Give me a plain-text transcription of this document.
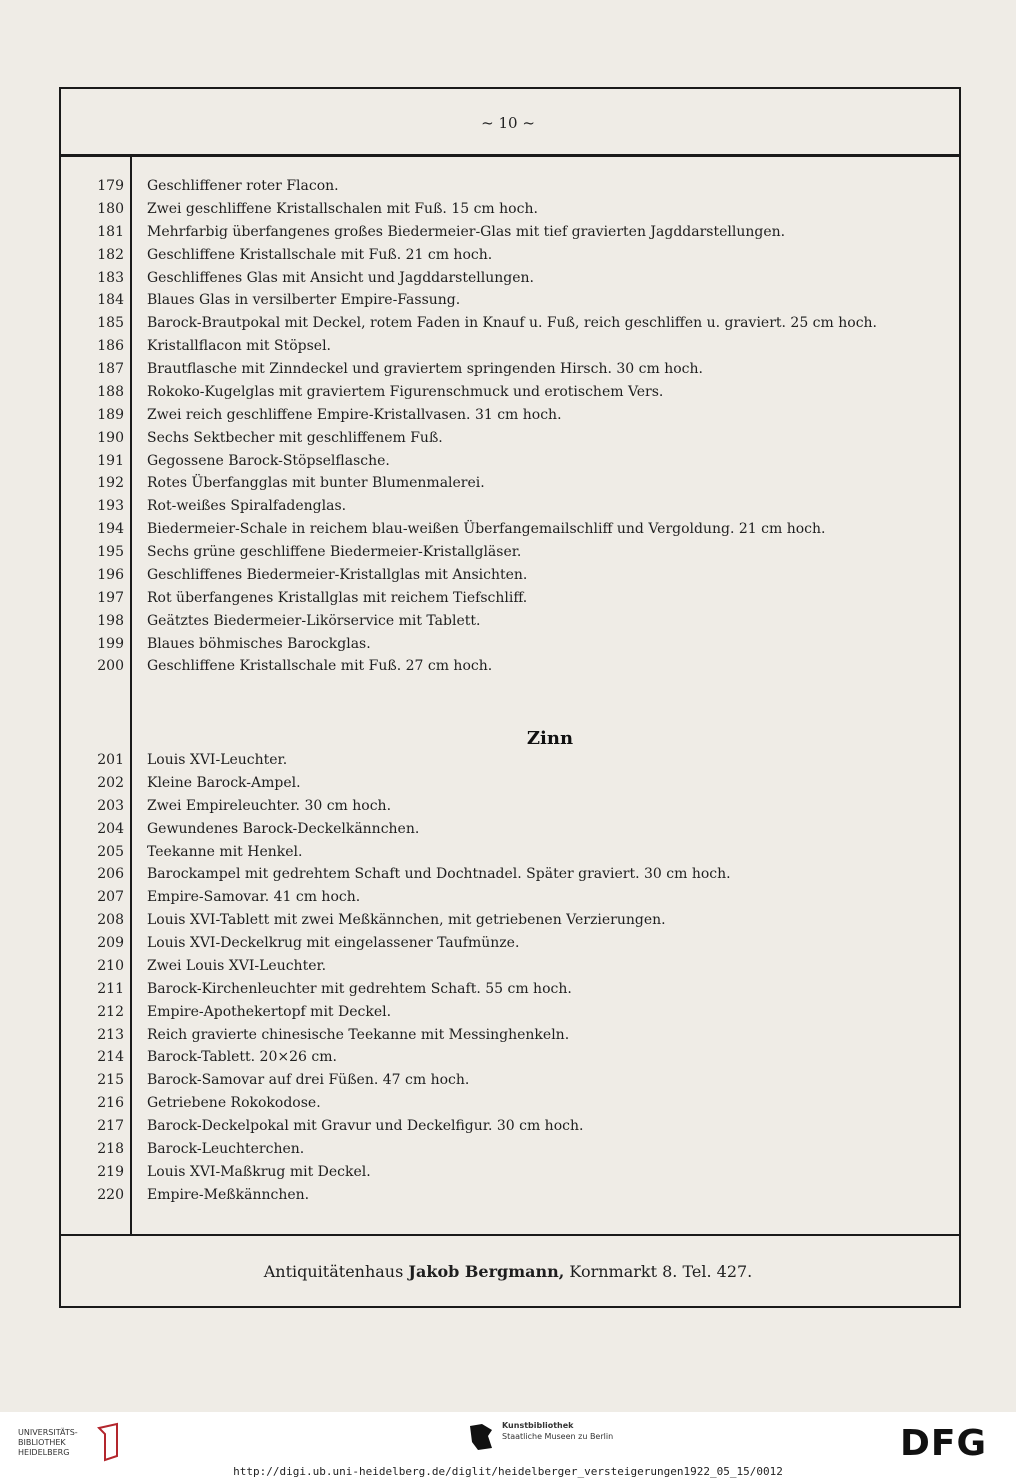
~ 10 ~
179 Geschliffener roter Flacon.
180 Zwei geschliffene Kristallschalen mit Fuß. 15 cm hoch.
181 Mehrfarbig überfangenes großes Biedermeier-Glas mit tief gravierten Jagddarstellungen.
182 Geschliffene Kristallschale mit Fuß. 21 cm hoch.
183 Geschliffenes Glas mit Ansicht und Jagddarstellungen.
184 Blaues Glas in versilberter Empire-Fassung.
185 Barock-Brautpokal mit Deckel, rotem Faden in Knauf u. Fuß, reich geschliffen u. graviert. 25 cm hoch.
186 Kristallflacon mit Stöpsel.
187 Brautflasche mit Zinndeckel und graviertem springenden Hirsch. 30 cm hoch.
188 Rokoko-Kugelglas mit graviertem Figurenschmuck und erotischem Vers.
189 Zwei reich geschliffene Empire-Kristallvasen. 31 cm hoch.
190 Sechs Sektbecher mit geschliffenem Fuß.
191 Gegossene Barock-Stöpselflasche.
192 Rotes Überfangglas mit bunter Blumenmalerei.
193 Rot-weißes Spiralfadenglas.
194 Biedermeier-Schale in reichem blau-weißen Überfangemailschliff und Vergoldung. 21 cm hoch.
195 Sechs grüne geschliffene Biedermeier-Kristallgläser.
196 Geschliffenes Biedermeier-Kristallglas mit Ansichten.
197 Rot überfangenes Kristallglas mit reichem Tiefschliff.
198 Geätztes Biedermeier-Likörservice mit Tablett.
199 Blaues böhmisches Barockglas.
200 Geschliffene Kristallschale mit Fuß. 27 cm hoch.
201 Louis XVI-Leuchter.
202 Kleine Barock-Ampel.
203 Zwei Empireleuchter. 30 cm hoch.
204 Gewundenes Barock-Deckelkännchen.
205 Teekanne mit Henkel.
206 Barockampel mit gedrehtem Schaft und Dochtnadel. Später graviert. 30 cm hoch.
207 Empire-Samovar. 41 cm hoch.
208 Louis XVI-Tablett mit zwei Meßkännchen, mit getriebenen Verzierungen.
209 Louis XVI-Deckelkrug mit eingelassener Taufmünze.
210 Zwei Louis XVI-Leuchter.
211 Barock-Kirchenleuchter mit gedrehtem Schaft. 55 cm hoch.
212 Empire-Apothekertopf mit Deckel.
213 Reich gravierte chinesische Teekanne mit Messinghenkeln.
214 Barock-Tablett. 20×26 cm.
215 Barock-Samovar auf drei Füßen. 47 cm hoch.
216 Getriebene Rokokodose.
217 Barock-Deckelpokal mit Gravur und Deckelfigur. 30 cm hoch.
218 Barock-Leuchterchen.
219 Louis XVI-Maßkrug mit Deckel.
220 Empire-Meßkännchen.
Zinn
Antiquitätenhaus Jakob Bergmann, Kornmarkt 8. Tel. 427.
UNIVERSITÄTS-
BIBLIOTHEK
HEIDELBERG
Kunstbibliothek
Staatliche Museen zu Berlin	DFG
http://digi.ub.uni-heidelberg.de/diglit/heidelberger_versteigerungen1922_05_15/0012
